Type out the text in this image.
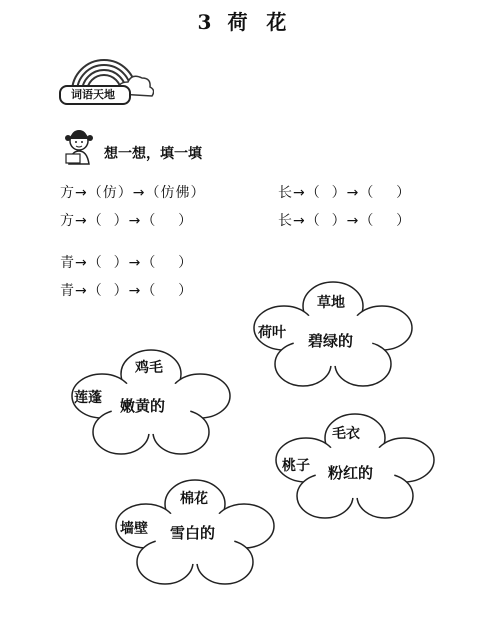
3 荷 花
词语天地
想一想，填一填
方→（仿）→（仿佛）
方→（  ）→（    ）
长→（  ）→（    ）
长→（  ）→（    ）
青→（  ）→（    ）
青→（  ）→（    ）
鸡毛
莲蓬 嫩黄的
草地
荷叶 碧绿的
毛衣
桃子 粉红的
棉花
墙壁 雪白的
